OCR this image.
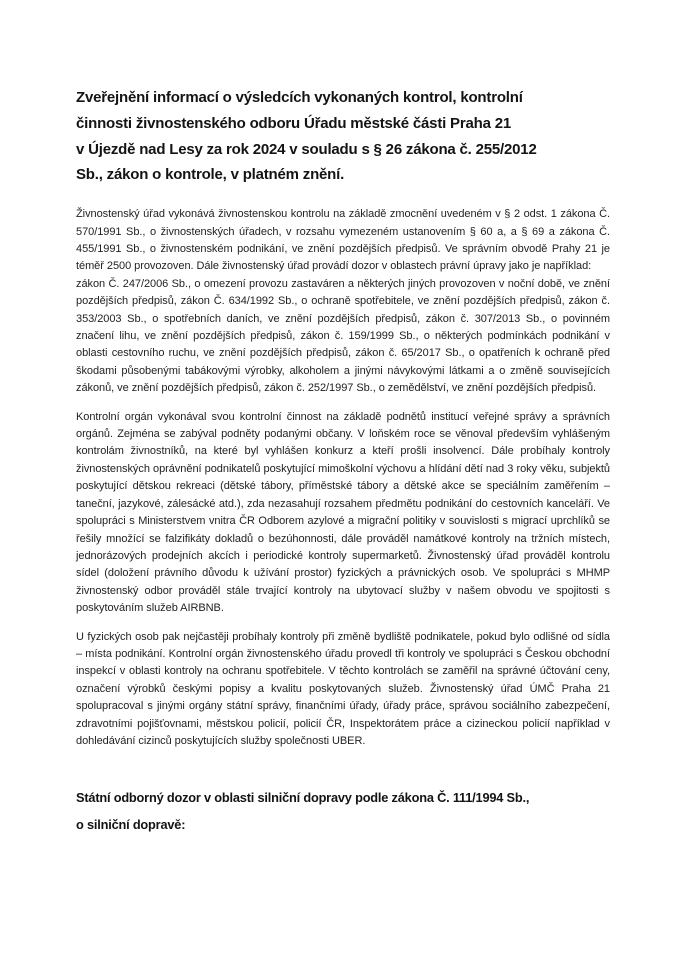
Zveřejnění informací o výsledcích vykonaných kontrol, kontrolní
činnosti živnostenského odboru Úřadu městské části Praha 21
v Újezdě nad Lesy za rok 2024 v souladu s § 26 zákona č. 255/2012
Sb., zákon o kontrole, v platném znění.

Živnostenský úřad vykonává živnostenskou kontrolu na základě zmocnění uvedeném v § 2 odst. 1 zákona Č. 570/1991 Sb., o živnostenských úřadech, v rozsahu vymezeném ustanovením § 60 a, a § 69 a zákona Č. 455/1991 Sb., o živnostenském podnikání, ve znění pozdějších předpisů. Ve správním obvodě Prahy 21 je téměř 2500 provozoven. Dále živnostenský úřad provádí dozor v oblastech právní úpravy jako je například:

zákon Č. 247/2006 Sb., o omezení provozu zastaváren a některých jiných provozoven v noční době, ve znění pozdějších předpisů, zákon Č. 634/1992 Sb., o ochraně spotřebitele, ve znění pozdějších předpisů, zákon č. 353/2003 Sb., o spotřebních daních, ve znění pozdějších předpisů, zákon č. 307/2013 Sb., o povinném značení lihu, ve znění pozdějších předpisů, zákon č. 159/1999 Sb., o některých podmínkách podnikání v oblasti cestovního ruchu, ve znění pozdějších předpisů, zákon č. 65/2017 Sb., o opatřeních k ochraně před škodami působenými tabákovými výrobky, alkoholem a jinými návykovými látkami a o změně souvisejících zákonů, ve znění pozdějších předpisů, zákon č. 252/1997 Sb., o zemědělství, ve znění pozdějších předpisů.

Kontrolní orgán vykonával svou kontrolní činnost na základě podnětů institucí veřejné správy a správních orgánů. Zejména se zabýval podněty podanými občany. V loňském roce se věnoval především vyhlášeným kontrolám živnostníků, na které byl vyhlášen konkurz a kteří prošli insolvencí. Dále probíhaly kontroly živnostenských oprávnění podnikatelů poskytující mimoškolní výchovu a hlídání dětí nad 3 roky věku, subjektů poskytující dětskou rekreaci (dětské tábory, příměstské tábory a dětské akce se speciálním zaměřením – taneční, jazykové, zálesácké atd.), zda nezasahují rozsahem předmětu podnikání do cestovních kanceláří. Ve spolupráci s Ministerstvem vnitra ČR Odborem azylové a migrační politiky v souvislosti s migrací uprchlíků se řešily množící se falzifikáty dokladů o bezúhonnosti, dále prováděl namátkové kontroly na tržních místech, jednorázových prodejních akcích i periodické kontroly supermarketů. Živnostenský úřad prováděl kontrolu sídel (doložení právního důvodu k užívání prostor) fyzických a právnických osob. Ve spolupráci s MHMP živnostenský odbor prováděl stále trvající kontroly na ubytovací služby v našem obvodu ve spojitosti s poskytováním služeb AIRBNB.

U fyzických osob pak nejčastěji probíhaly kontroly při změně bydliště podnikatele, pokud bylo odlišné od sídla – místa podnikání. Kontrolní orgán živnostenského úřadu provedl tři kontroly ve spolupráci s Českou obchodní inspekcí v oblasti kontroly na ochranu spotřebitele. V těchto kontrolách se zaměřil na správné účtování ceny, označení výrobků českými popisy a kvalitu poskytovaných služeb. Živnostenský úřad ÚMČ Praha 21 spolupracoval s jinými orgány státní správy, finančními úřady, úřady práce, správou sociálního zabezpečení, zdravotními pojišťovnami, městskou policií, policií ČR, Inspektorátem práce a cizineckou policií například v dohledávání cizinců poskytujících služby společnosti UBER.

Státní odborný dozor v oblasti silniční dopravy podle zákona Č. 111/1994 Sb.,
o silniční dopravě:
